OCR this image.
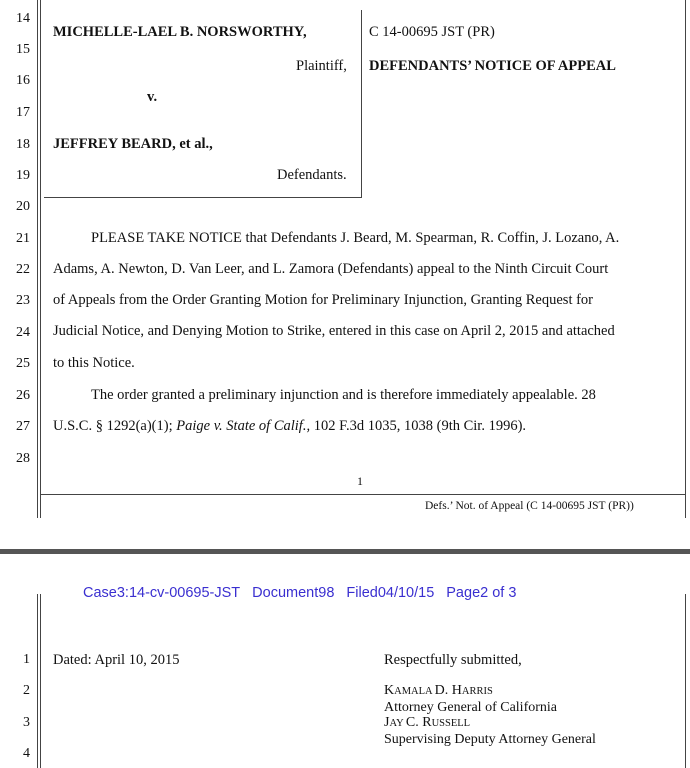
14
15
16
17
18
19
20
21
22
23
24
25
26
27
28
MICHELLE-LAEL B. NORSWORTHY,
Plaintiff,
v.
JEFFREY BEARD, et al.,
Defendants.
C 14-00695 JST (PR)
DEFENDANTS’ NOTICE OF APPEAL
PLEASE TAKE NOTICE that Defendants J. Beard, M. Spearman, R. Coffin, J. Lozano, A.
Adams, A. Newton, D. Van Leer, and L. Zamora (Defendants) appeal to the Ninth Circuit Court
of Appeals from the Order Granting Motion for Preliminary Injunction, Granting Request for
Judicial Notice, and Denying Motion to Strike, entered in this case on April 2, 2015 and attached
to this Notice.
The order granted a preliminary injunction and is therefore immediately appealable. 28
U.S.C. § 1292(a)(1); Paige v. State of Calif., 102 F.3d 1035, 1038 (9th Cir. 1996).
1
Defs.’ Not. of Appeal (C 14-00695 JST (PR))
Case3:14-cv-00695-JST Document98 Filed04/10/15 Page2 of 3
1
2
3
4
Dated: April 10, 2015	Respectfully submitted,
KAMALA D. HARRIS
Attorney General of California
JAY C. RUSSELL
Supervising Deputy Attorney General
